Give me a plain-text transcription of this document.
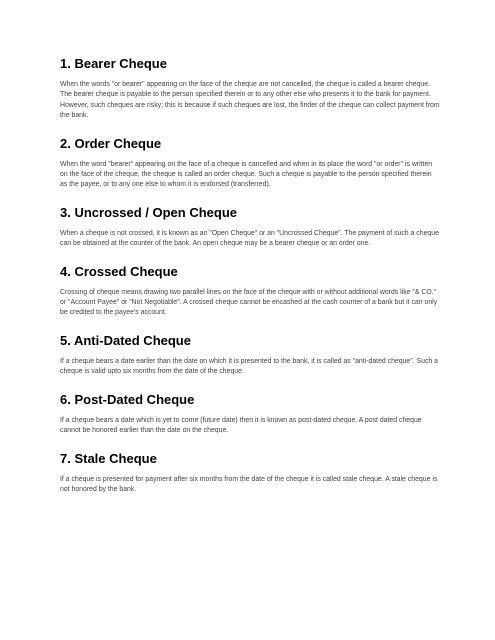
1. Bearer Cheque

When the words "or bearer" appearing on the face of the cheque are not cancelled, the cheque is called a bearer cheque. The bearer cheque is payable to the person specified therein or to any other else who presents it to the bank for payment. However, such cheques are risky; this is because if such cheques are lost, the finder of the cheque can collect payment from the bank.

2. Order Cheque

When the word "bearer" appearing on the face of a cheque is cancelled and when in its place the word "or order" is written on the face of the cheque, the cheque is called an order cheque. Such a cheque is payable to the person specified therein as the payee, or to any one else to whom it is endorsed (transferred).

3. Uncrossed / Open Cheque

When a cheque is not crossed, it is known as an "Open Cheque" or an "Uncrossed Cheque". The payment of such a cheque can be obtained at the counter of the bank. An open cheque may be a bearer cheque or an order one.

4. Crossed Cheque

Crossing of cheque means drawing two parallel lines on the face of the cheque with or without additional words like "& CO." or "Account Payee" or "Not Negotiable". A crossed cheque cannot be encashed at the cash counter of a bank but it can only be credited to the payee's account.

5. Anti-Dated Cheque

If a cheque bears a date earlier than the date on which it is presented to the bank, it is called as "anti-dated cheque". Such a cheque is valid upto six months from the date of the cheque.

6. Post-Dated Cheque

If a cheque bears a date which is yet to come (future date) then it is known as post-dated cheque. A post dated cheque cannot be honored earlier than the date on the cheque.

7. Stale Cheque

If a cheque is presented for payment after six months from the date of the cheque it is called stale cheque. A stale cheque is not honored by the bank.
